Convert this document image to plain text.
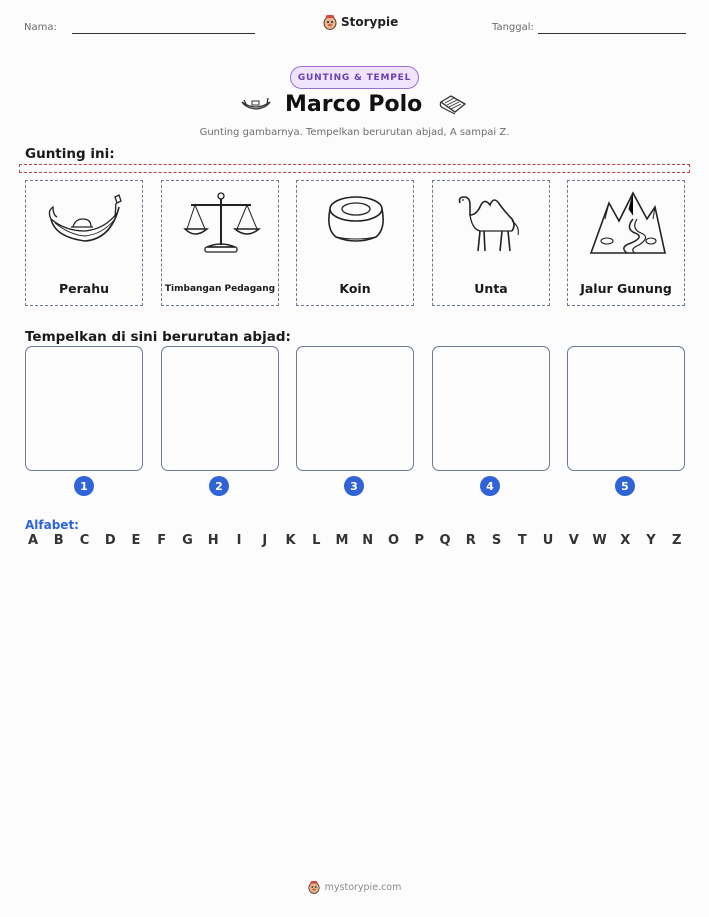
Nama:	Storypie	Tanggal:
GUNTING & TEMPEL
Marco Polo
Gunting gambarnya. Tempelkan berurutan abjad, A sampai Z.
Gunting ini:
Perahu	Timbangan Pedagang	Koin	Unta	Jalur Gunung
Tempelkan di sini berurutan abjad:
1	2	3	4	5
Alfabet:
A B C D E F G H	I	J	K L M N O P Q R S T U V W X Y Z
mystorypie.com
